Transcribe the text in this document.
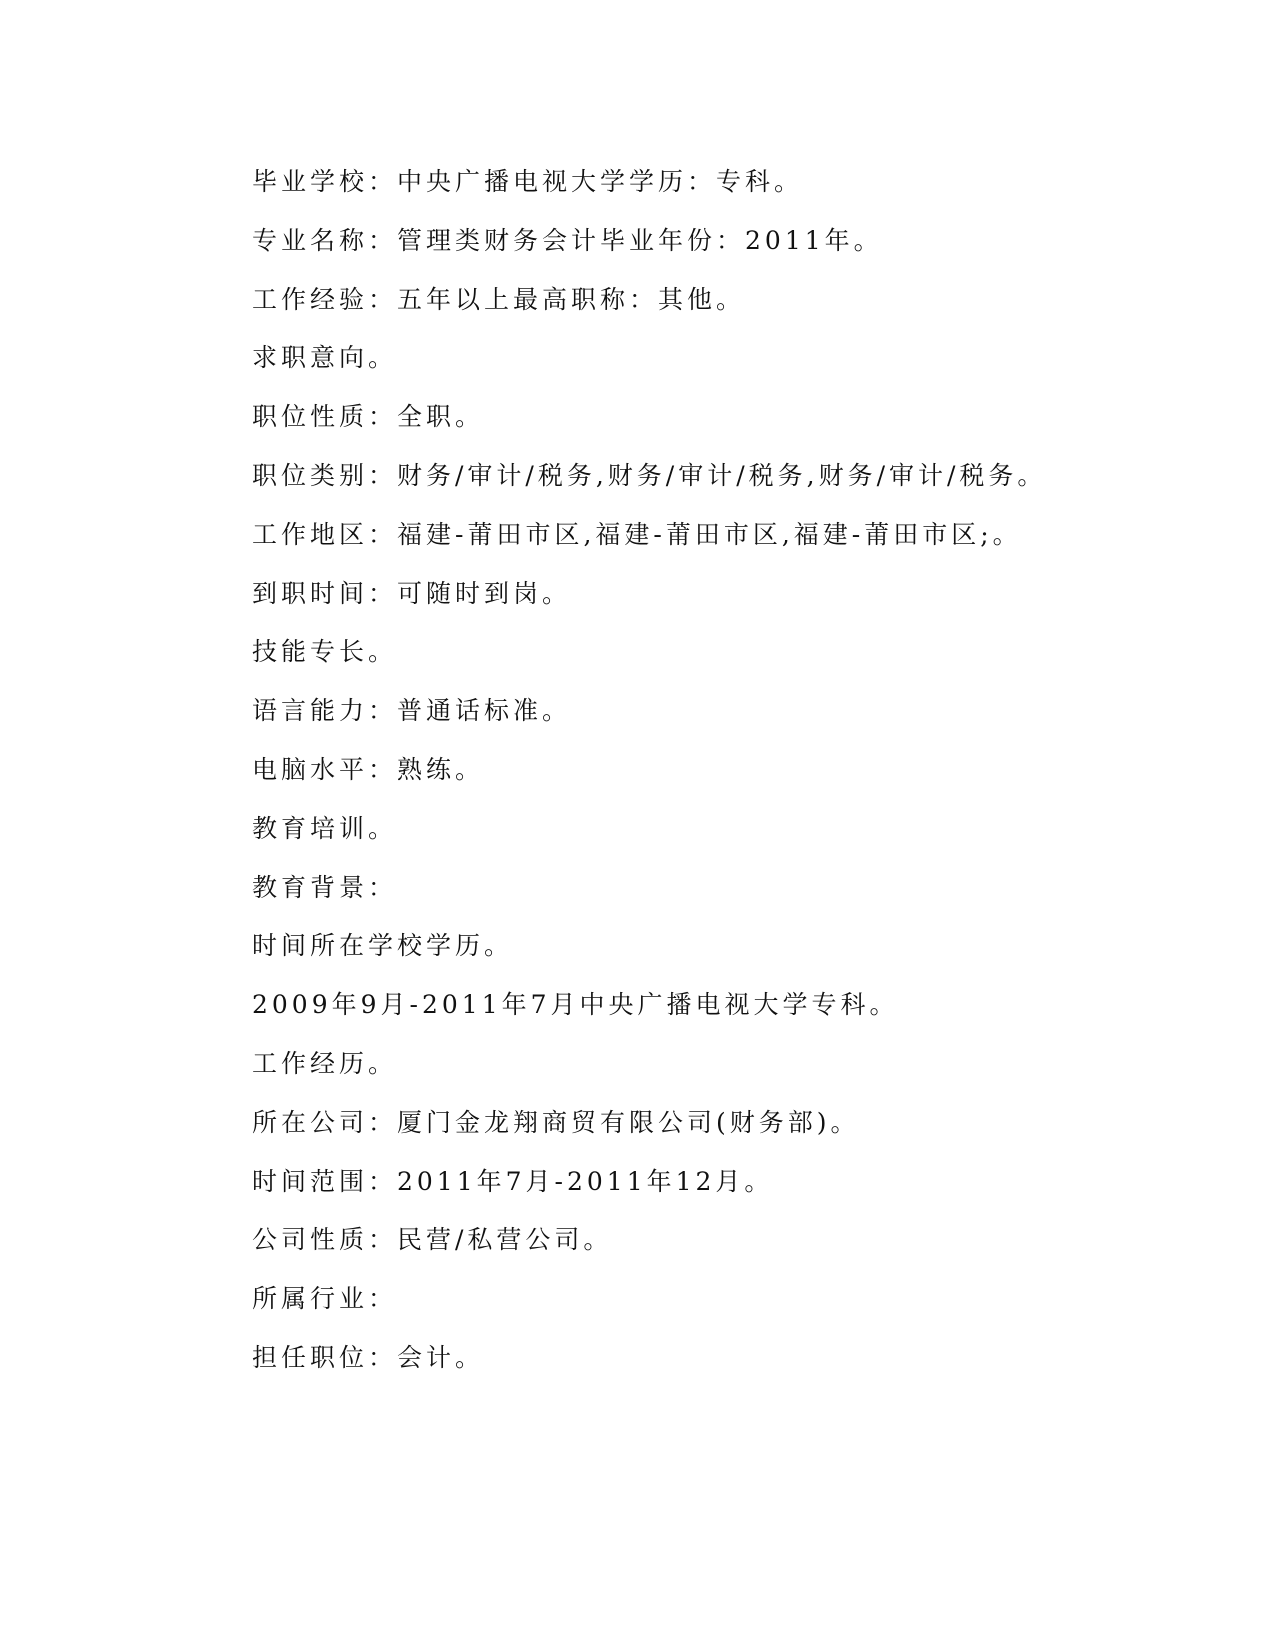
毕业学校：中央广播电视大学学历：专科。
专业名称：管理类财务会计毕业年份：2011年。
工作经验：五年以上最高职称：其他。
求职意向。
职位性质：全职。
职位类别：财务/审计/税务,财务/审计/税务,财务/审计/税务。
工作地区：福建-莆田市区,福建-莆田市区,福建-莆田市区;。
到职时间：可随时到岗。
技能专长。
语言能力：普通话标准。
电脑水平：熟练。
教育培训。
教育背景：
时间所在学校学历。
2009年9月-2011年7月中央广播电视大学专科。
工作经历。
所在公司：厦门金龙翔商贸有限公司(财务部)。
时间范围：2011年7月-2011年12月。
公司性质：民营/私营公司。
所属行业：
担任职位：会计。
